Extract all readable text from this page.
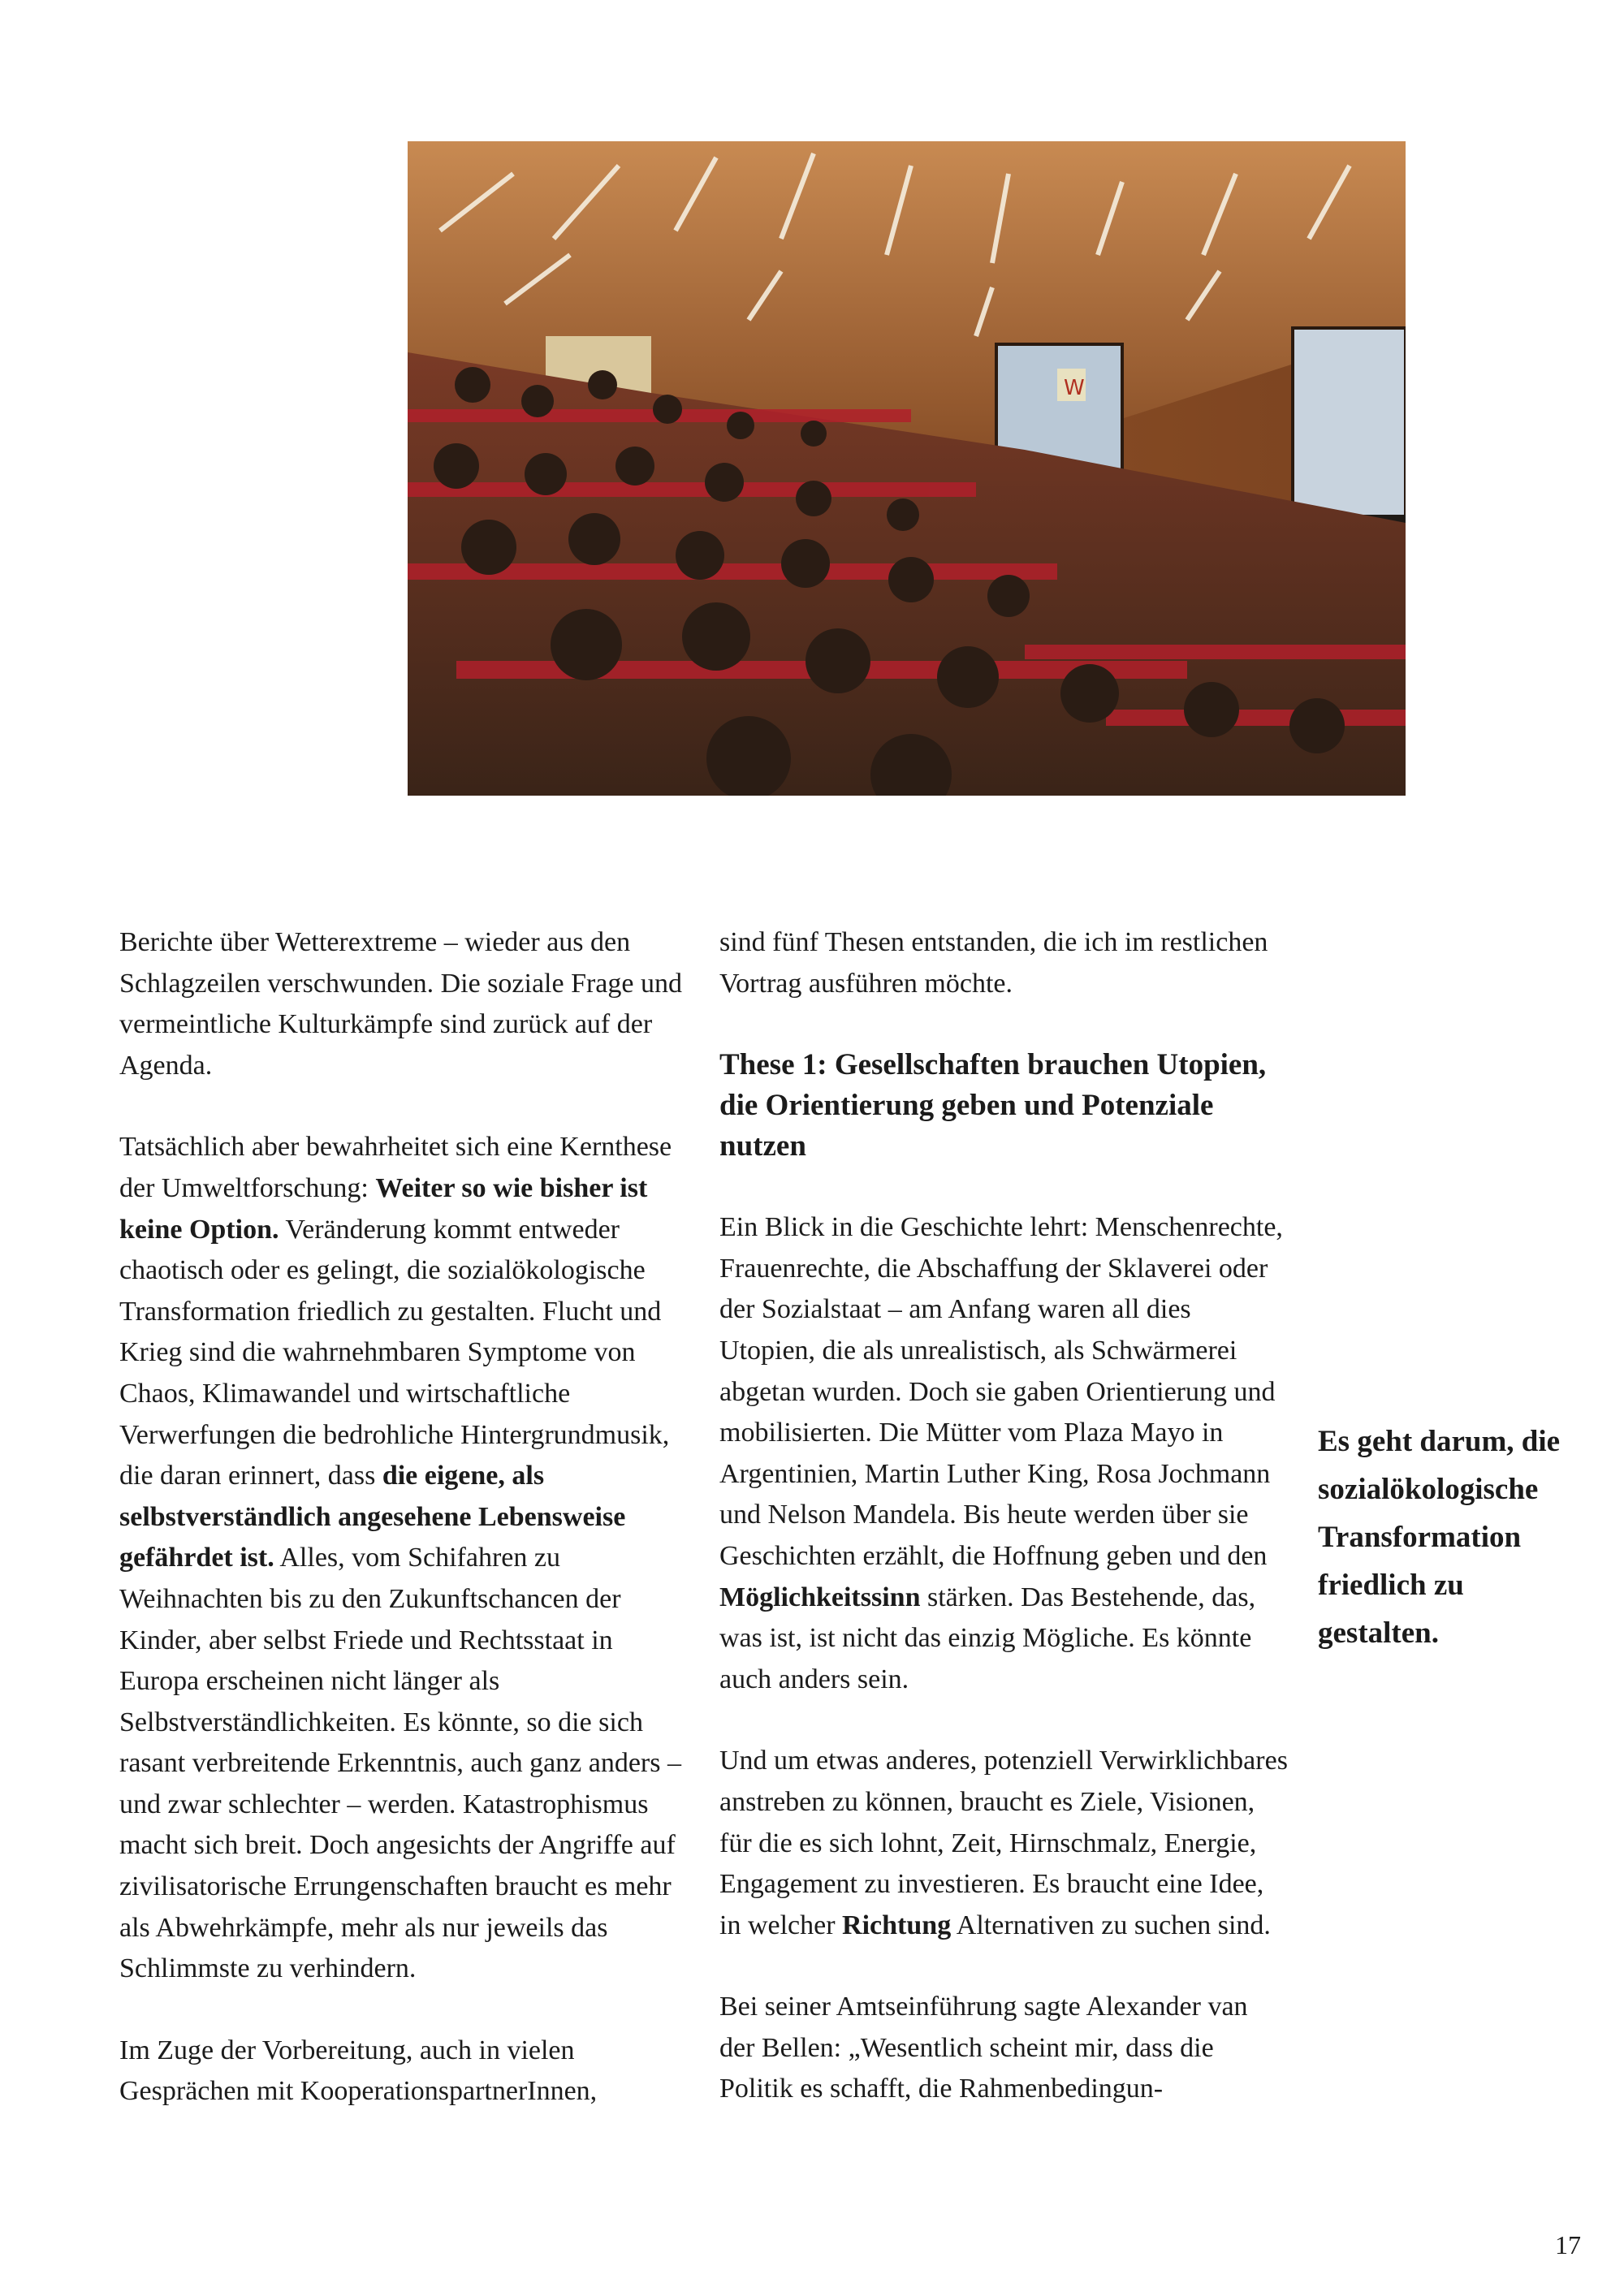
W

Berichte über Wetterextreme – wieder aus den Schlagzeilen verschwunden. Die soziale Frage und vermeintliche Kulturkämpfe sind zurück auf der Agenda.

Tatsächlich aber bewahrheitet sich eine Kernthese der Umweltforschung: Weiter so wie bisher ist keine Option. Veränderung kommt entweder chaotisch oder es gelingt, die sozialökologische Transformation friedlich zu gestalten. Flucht und Krieg sind die wahrnehmbaren Symptome von Chaos, Klimawandel und wirtschaftliche Verwerfungen die bedrohliche Hintergrundmusik, die daran erinnert, dass die eigene, als selbstverständlich angesehene Lebensweise gefährdet ist. Alles, vom Schifahren zu Weihnachten bis zu den Zukunftschancen der Kinder, aber selbst Friede und Rechtsstaat in Europa erscheinen nicht länger als Selbstverständlichkeiten. Es könnte, so die sich rasant verbreitende Erkenntnis, auch ganz anders – und zwar schlechter – werden. Katastrophismus macht sich breit. Doch angesichts der Angriffe auf zivilisatorische Errungenschaften braucht es mehr als Abwehrkämpfe, mehr als nur jeweils das Schlimmste zu verhindern.

Im Zuge der Vorbereitung, auch in vielen Gesprächen mit KooperationspartnerInnen,

sind fünf Thesen entstanden, die ich im restlichen Vortrag ausführen möchte.

These 1: Gesellschaften brauchen Utopien, die Orientierung geben und Potenziale nutzen

Ein Blick in die Geschichte lehrt: Menschenrechte, Frauenrechte, die Abschaffung der Sklaverei oder der Sozialstaat – am Anfang waren all dies Utopien, die als unrealistisch, als Schwärmerei abgetan wurden. Doch sie gaben Orientierung und mobilisierten. Die Mütter vom Plaza Mayo in Argentinien, Martin Luther King, Rosa Jochmann und Nelson Mandela. Bis heute werden über sie Geschichten erzählt, die Hoffnung geben und den Möglichkeitssinn stärken. Das Bestehende, das, was ist, ist nicht das einzig Mögliche. Es könnte auch anders sein.

Und um etwas anderes, potenziell Verwirklichbares anstreben zu können, braucht es Ziele, Visionen, für die es sich lohnt, Zeit, Hirnschmalz, Energie, Engagement zu investieren. Es braucht eine Idee, in welcher Richtung Alternativen zu suchen sind.

Bei seiner Amtseinführung sagte Alexander van der Bellen: „Wesentlich scheint mir, dass die Politik es schafft, die Rahmenbedingun-

Es geht darum, die sozialökologische Transformation friedlich zu gestalten.

17
